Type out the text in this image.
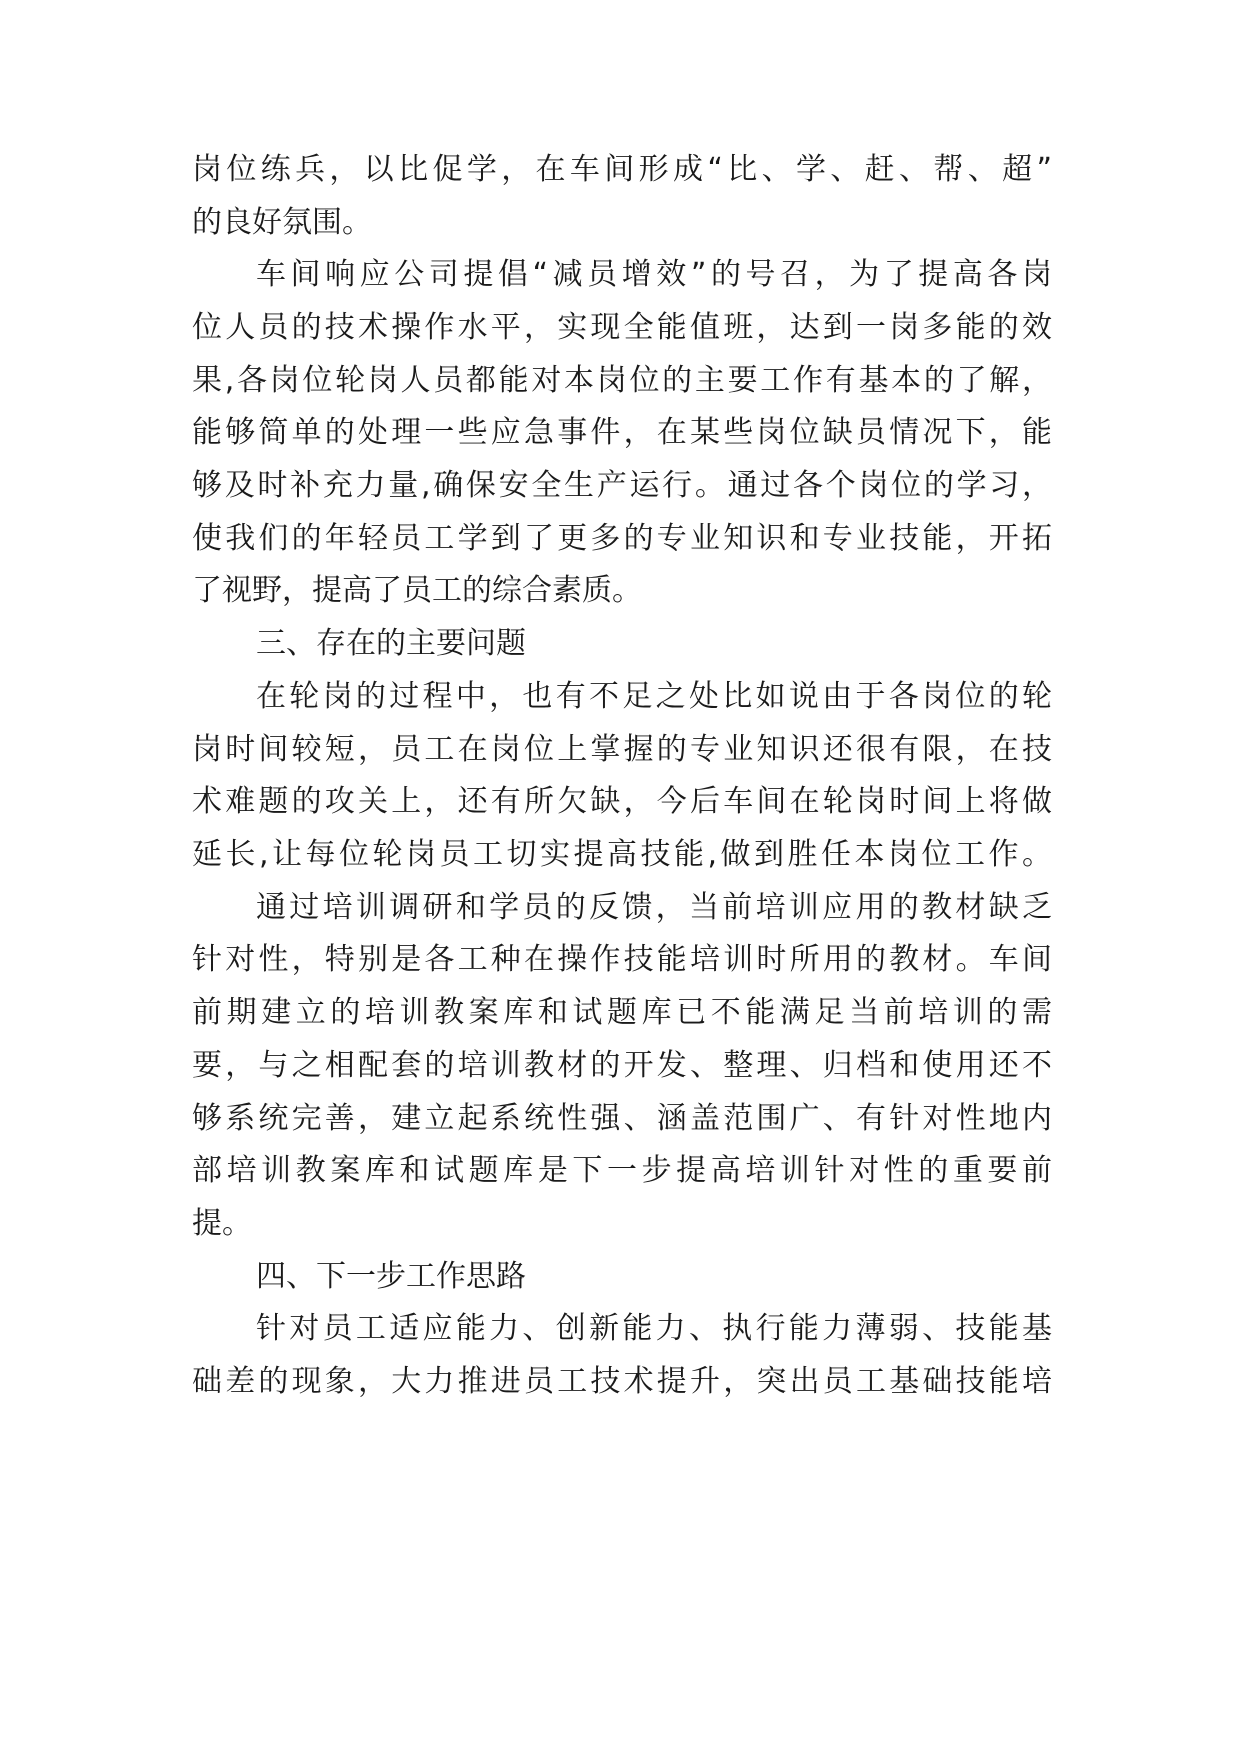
岗位练兵，以比促学，在车间形成“比、学、赶、帮、超”
的良好氛围。
车间响应公司提倡“减员增效”的号召，为了提高各岗
位人员的技术操作水平，实现全能值班，达到一岗多能的效
果,各岗位轮岗人员都能对本岗位的主要工作有基本的了解，
能够简单的处理一些应急事件，在某些岗位缺员情况下，能
够及时补充力量,确保安全生产运行。通过各个岗位的学习，
使我们的年轻员工学到了更多的专业知识和专业技能，开拓
了视野，提高了员工的综合素质。
三、存在的主要问题
在轮岗的过程中，也有不足之处比如说由于各岗位的轮
岗时间较短，员工在岗位上掌握的专业知识还很有限，在技
术难题的攻关上，还有所欠缺，今后车间在轮岗时间上将做
延长,让每位轮岗员工切实提高技能,做到胜任本岗位工作。
通过培训调研和学员的反馈，当前培训应用的教材缺乏
针对性，特别是各工种在操作技能培训时所用的教材。车间
前期建立的培训教案库和试题库已不能满足当前培训的需
要，与之相配套的培训教材的开发、整理、归档和使用还不
够系统完善，建立起系统性强、涵盖范围广、有针对性地内
部培训教案库和试题库是下一步提高培训针对性的重要前
提。
四、下一步工作思路
针对员工适应能力、创新能力、执行能力薄弱、技能基
础差的现象，大力推进员工技术提升，突出员工基础技能培
